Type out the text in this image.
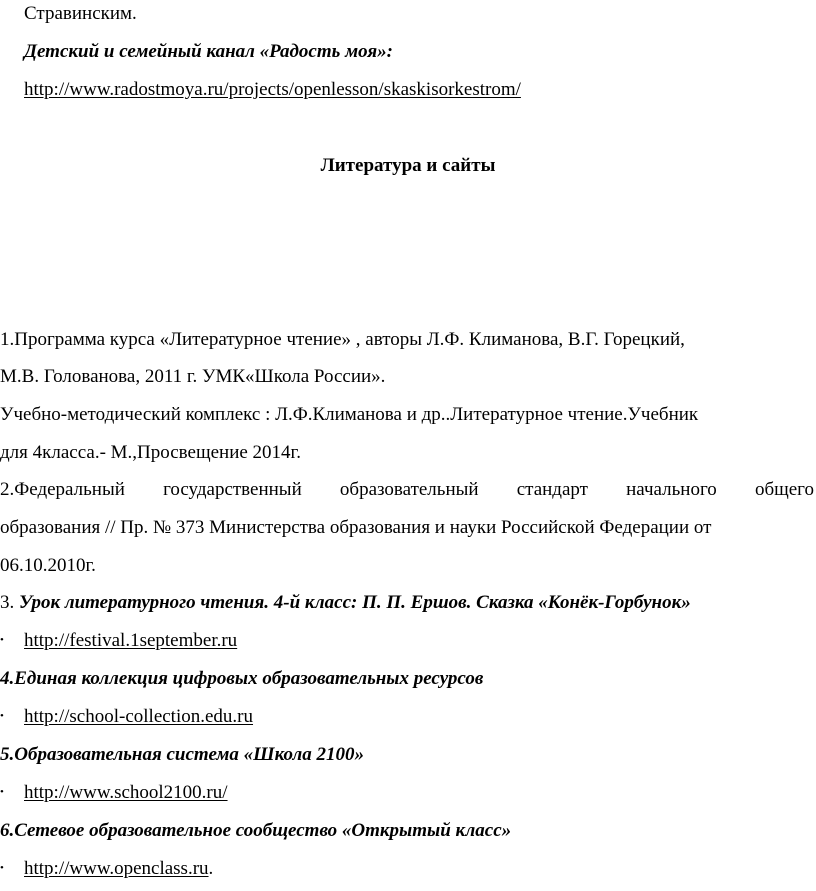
Стравинским.
Детский и семейный канал «Радость моя»:
http://www.radostmoya.ru/projects/openlesson/skaskisorkestrom/
Литература и сайты
1.Программа курса «Литературное чтение» , авторы Л.Ф. Климанова, В.Г. Горецкий,
М.В. Голованова, 2011 г. УМК«Школа России».
Учебно-методический комплекс : Л.Ф.Климанова и др..Литературное чтение.Учебник
для 4класса.- М.,Просвещение 2014г.
2.Федеральный государственный образовательный стандарт начального общего
образования // Пр. № 373 Министерства образования и науки Российской Федерации от
06.10.2010г.
3. Урок литературного чтения. 4-й класс: П. П. Ершов. Сказка «Конёк-Горбунок»
• http://festival.1september.ru
4.Единая коллекция цифровых образовательных ресурсов
• http://school-collection.edu.ru
5.Образовательная система «Школа 2100»
• http://www.school2100.ru/
6.Сетевое образовательное сообщество «Открытый класс»
• http://www.openclass.ru.
